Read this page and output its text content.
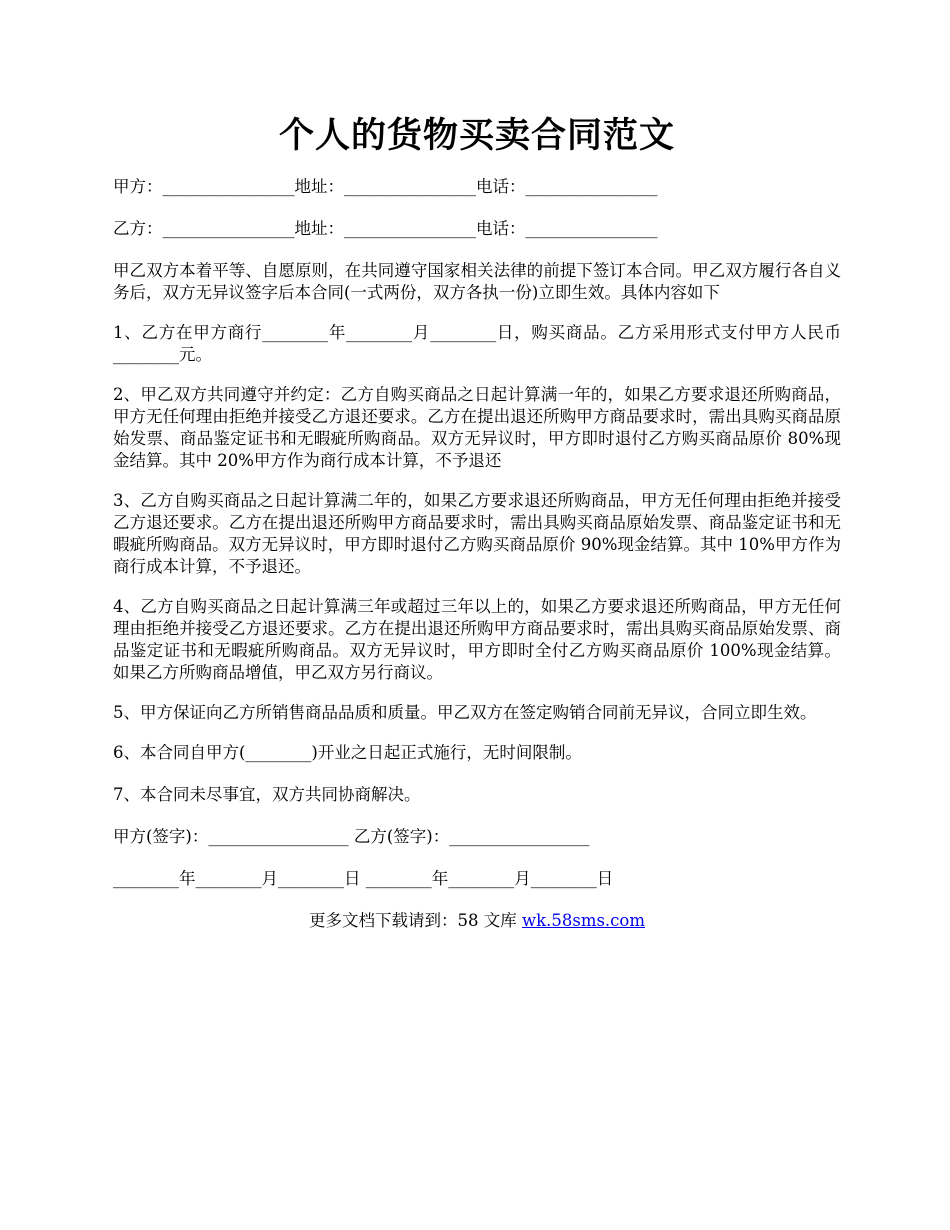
个人的货物买卖合同范文

甲方：________________地址：________________电话：________________

乙方：________________地址：________________电话：________________

甲乙双方本着平等、自愿原则，在共同遵守国家相关法律的前提下签订本合同。甲乙双方履行各自义务后，双方无异议签字后本合同(一式两份，双方各执一份)立即生效。具体内容如下

1、乙方在甲方商行________年________月________日，购买商品。乙方采用形式支付甲方人民币________元。

2、甲乙双方共同遵守并约定：乙方自购买商品之日起计算满一年的，如果乙方要求退还所购商品，甲方无任何理由拒绝并接受乙方退还要求。乙方在提出退还所购甲方商品要求时，需出具购买商品原始发票、商品鉴定证书和无暇疵所购商品。双方无异议时，甲方即时退付乙方购买商品原价 80%现金结算。其中 20%甲方作为商行成本计算，不予退还

3、乙方自购买商品之日起计算满二年的，如果乙方要求退还所购商品，甲方无任何理由拒绝并接受乙方退还要求。乙方在提出退还所购甲方商品要求时，需出具购买商品原始发票、商品鉴定证书和无暇疵所购商品。双方无异议时，甲方即时退付乙方购买商品原价 90%现金结算。其中 10%甲方作为商行成本计算，不予退还。

4、乙方自购买商品之日起计算满三年或超过三年以上的，如果乙方要求退还所购商品，甲方无任何理由拒绝并接受乙方退还要求。乙方在提出退还所购甲方商品要求时，需出具购买商品原始发票、商品鉴定证书和无暇疵所购商品。双方无异议时，甲方即时全付乙方购买商品原价 100%现金结算。如果乙方所购商品增值，甲乙双方另行商议。

5、甲方保证向乙方所销售商品品质和质量。甲乙双方在签定购销合同前无异议，合同立即生效。

6、本合同自甲方(________)开业之日起正式施行，无时间限制。

7、本合同未尽事宜，双方共同协商解决。

甲方(签字)：_________________ 乙方(签字)：_________________

________年________月________日 ________年________月________日

更多文档下载请到：58 文库 wk.58sms.com
